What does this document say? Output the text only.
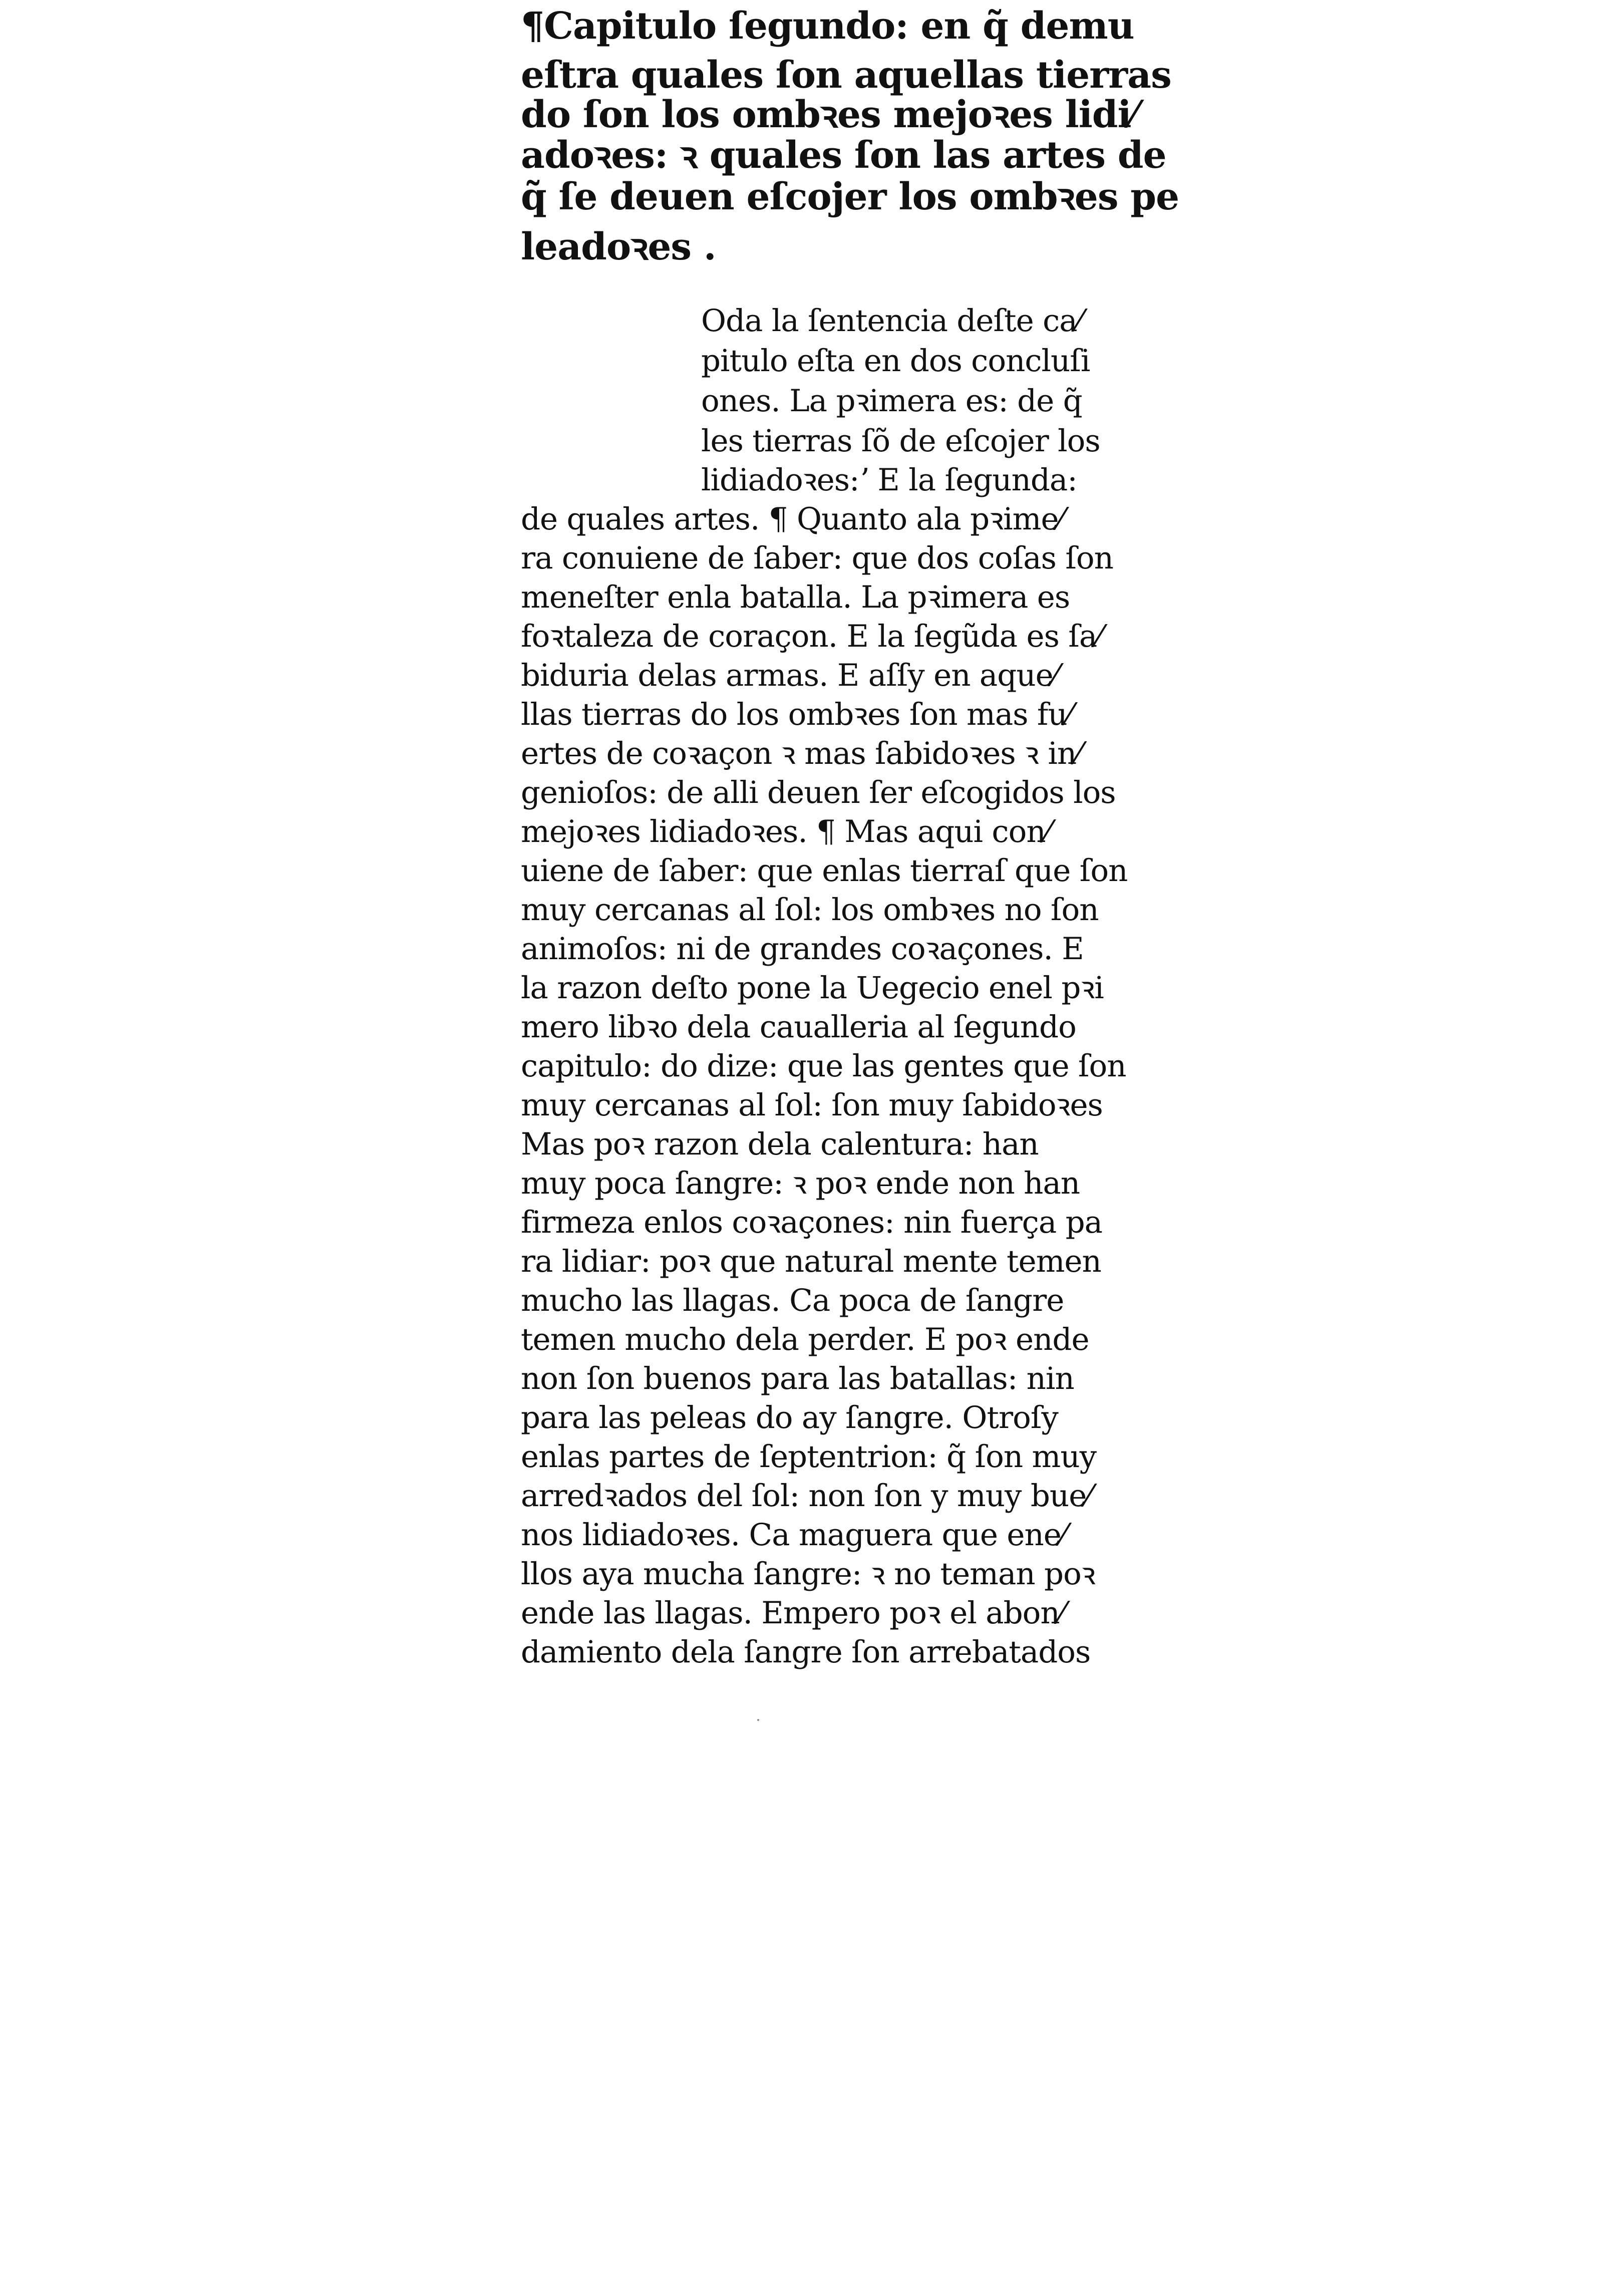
¶Capitulo ſegundo: en q̃ demu
eſtra quales ſon aquellas tierras
do ſon los ombꝛes mejoꝛes lidi⁄
adoꝛes: ꝛ quales ſon las artes de
q̃ ſe deuen eſcojer los ombꝛes pe
leadoꝛes .
Oda la ſentencia deſte ca⁄
pitulo eſta en dos concluſi
ones. La pꝛimera es: de q̃
les tierras ſõ de eſcojer los
lidiadoꝛes:ʼ E la ſegunda:
de quales artes. ¶ Quanto ala pꝛime⁄
ra conuiene de ſaber: que dos coſas ſon
meneſter enla batalla. La pꝛimera es
foꝛtaleza de coraçon. E la ſegũda es ſa⁄
biduria delas armas. E aſſy en aque⁄
llas tierras do los ombꝛes ſon mas fu⁄
ertes de coꝛaçon ꝛ mas ſabidoꝛes ꝛ in⁄
genioſos: de alli deuen ſer eſcogidos los
mejoꝛes lidiadoꝛes. ¶ Mas aqui con⁄
uiene de ſaber: que enlas tierraſ que ſon
muy cercanas al ſol: los ombꝛes no ſon
animoſos: ni de grandes coꝛaçones. E
la razon deſto pone la Uegecio enel pꝛi
mero libꝛo dela caualleria al ſegundo
capitulo: do dize: que las gentes que ſon
muy cercanas al ſol: ſon muy ſabidoꝛes
Mas poꝛ razon dela calentura: han
muy poca ſangre: ꝛ poꝛ ende non han
firmeza enlos coꝛaçones: nin fuerça pa
ra lidiar: poꝛ que natural mente temen
mucho las llagas. Ca poca de ſangre
temen mucho dela perder. E poꝛ ende
non ſon buenos para las batallas: nin
para las peleas do ay ſangre. Otroſy
enlas partes de ſeptentrion: q̃ ſon muy
arredꝛados del ſol: non ſon y muy bue⁄
nos lidiadoꝛes. Ca maguera que ene⁄
llos aya mucha ſangre: ꝛ no teman poꝛ
ende las llagas. Empero poꝛ el abon⁄
damiento dela ſangre ſon arrebatados
